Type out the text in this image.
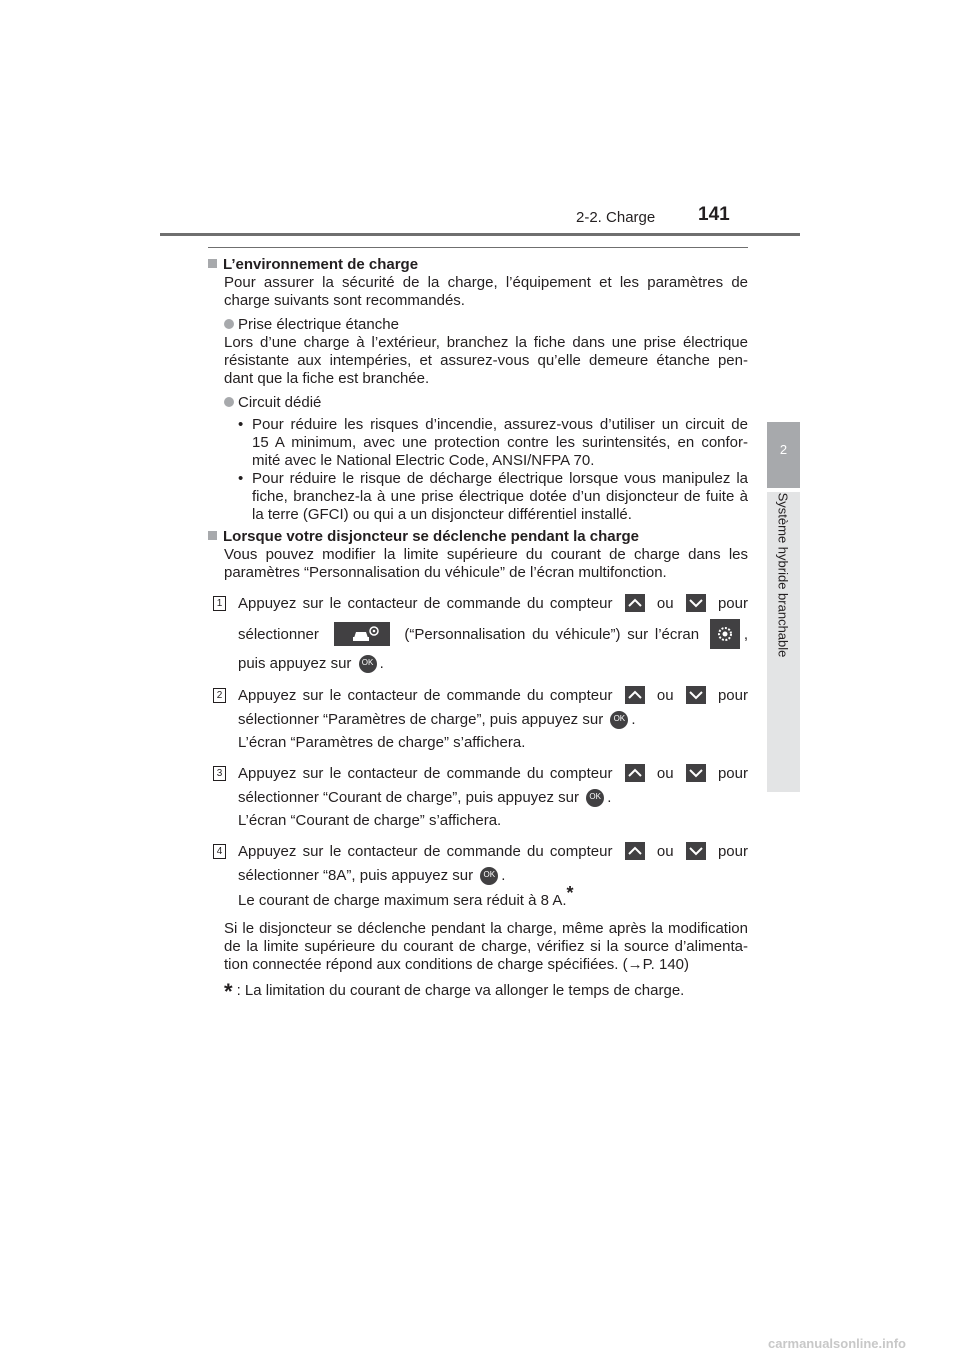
2-2. Charge 141
2
Système hybride branchable
L’environnement de charge
Pour assurer la sécurité de la charge, l’équipement et les paramètres de
charge suivants sont recommandés.
Prise électrique étanche
Lors d’une charge à l’extérieur, branchez la fiche dans une prise électrique
résistante aux intempéries, et assurez-vous qu’elle demeure étanche pen-
dant que la fiche est branchée.
Circuit dédié
• Pour réduire les risques d’incendie, assurez-vous d’utiliser un circuit de
15 A minimum, avec une protection contre les surintensités, en confor-
mité avec le National Electric Code, ANSI/NFPA 70.
• Pour réduire le risque de décharge électrique lorsque vous manipulez la
fiche, branchez-la à une prise électrique dotée d’un disjoncteur de fuite à
la terre (GFCI) ou qui a un disjoncteur différentiel installé.
Lorsque votre disjoncteur se déclenche pendant la charge
Vous pouvez modifier la limite supérieure du courant de charge dans les
paramètres “Personnalisation du véhicule” de l’écran multifonction.
1 Appuyez sur le contacteur de commande du compteur	ou	pour
sélectionner	(“Personnalisation du véhicule”) sur l’écran	,
puis appuyez sur	OK .
2 Appuyez sur le contacteur de commande du compteur	ou	pour
sélectionner “Paramètres de charge”, puis appuyez sur	OK .
L’écran “Paramètres de charge” s’affichera.
3 Appuyez sur le contacteur de commande du compteur	ou	pour
sélectionner “Courant de charge”, puis appuyez sur	OK .
L’écran “Courant de charge” s’affichera.
4 Appuyez sur le contacteur de commande du compteur	ou	pour
sélectionner “8A”, puis appuyez sur	OK .
Le courant de charge maximum sera réduit à 8 A.*
Si le disjoncteur se déclenche pendant la charge, même après la modification
de la limite supérieure du courant de charge, vérifiez si la source d’alimenta-
tion connectée répond aux conditions de charge spécifiées. (→P. 140)
* : La limitation du courant de charge va allonger le temps de charge.
carmanualsonline.info
